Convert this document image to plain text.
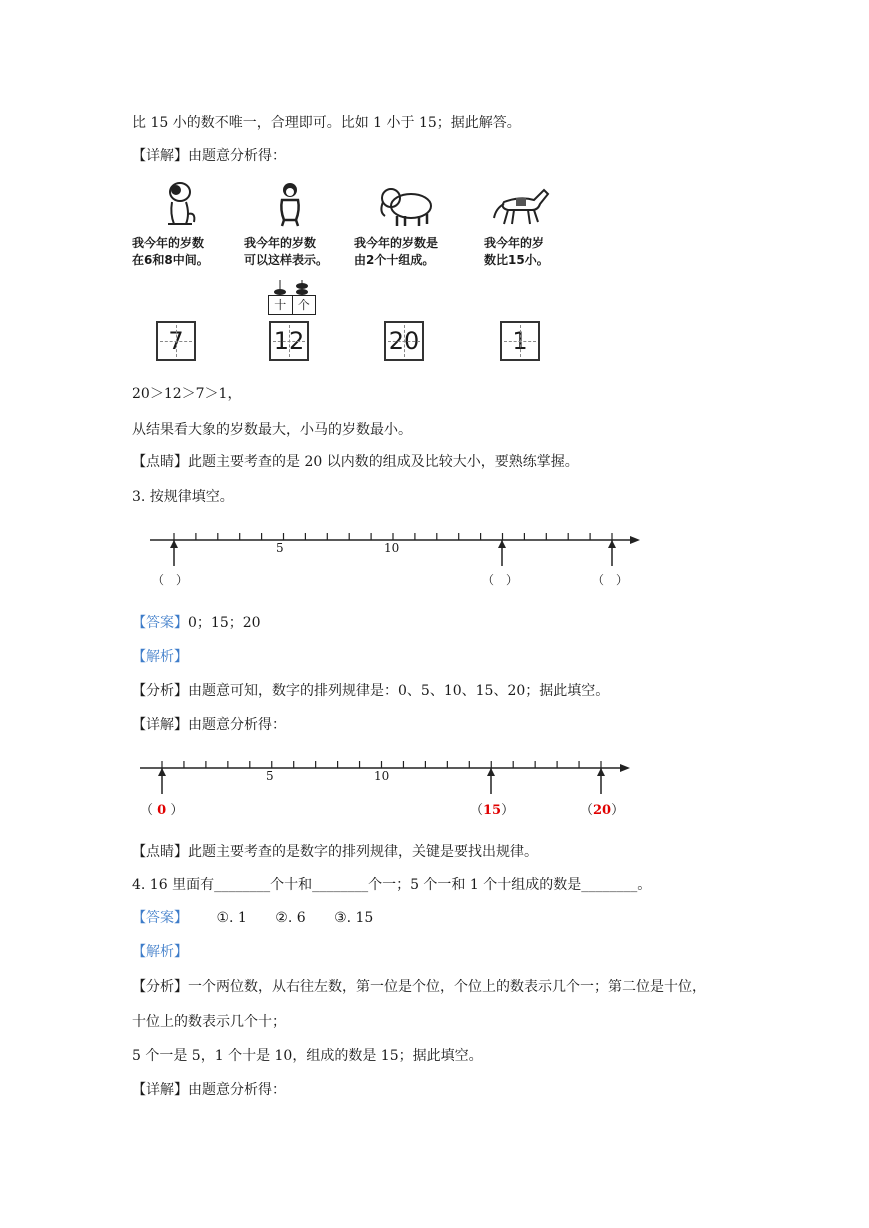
比 15 小的数不唯一，合理即可。比如 1 小于 15；据此解答。
【详解】由题意分析得：
我今年的岁数
在6和8中间。
我今年的岁数
可以这样表示。
我今年的岁数是
由2个十组成。
我今年的岁
数比15小。
十 个
7	12	20	1
20＞12＞7＞1，
从结果看大象的岁数最大，小马的岁数最小。
【点睛】此题主要考查的是 20 以内数的组成及比较大小，要熟练掌握。
3. 按规律填空。
5	10
（　）	（　）	（　）
【答案】0；15；20
【解析】
【分析】由题意可知，数字的排列规律是：0、5、10、15、20；据此填空。
【详解】由题意分析得：
5	10
（ 0 ）	（15）	（20）
【点睛】此题主要考查的是数字的排列规律，关键是要找出规律。
4. 16 里面有________个十和________个一；5 个一和 1 个十组成的数是________。
【答案】 ①. 1 ②. 6 ③. 15
【解析】
【分析】一个两位数，从右往左数，第一位是个位，个位上的数表示几个一；第二位是十位，
十位上的数表示几个十；
5 个一是 5，1 个十是 10，组成的数是 15；据此填空。
【详解】由题意分析得：
